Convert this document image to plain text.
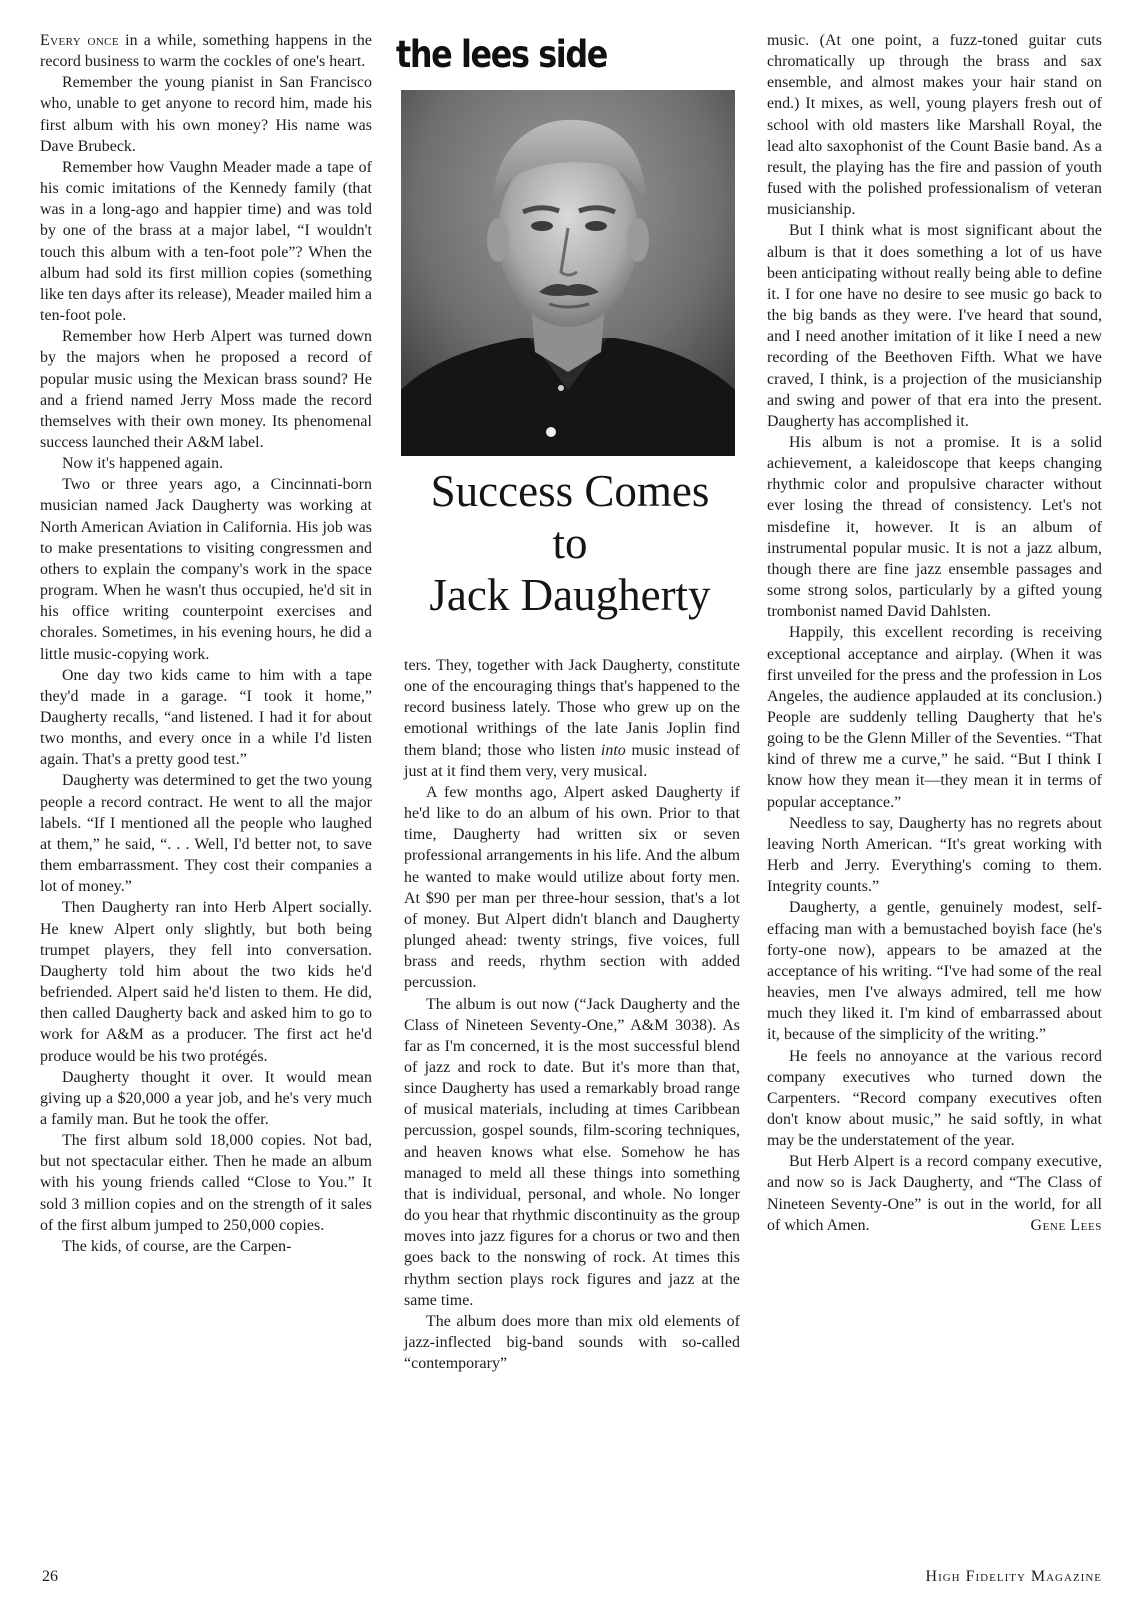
Every once in a while, something happens in the record business to warm the cockles of one's heart.

Remember the young pianist in San Francisco who, unable to get anyone to record him, made his first album with his own money? His name was Dave Brubeck.

Remember how Vaughn Meader made a tape of his comic imitations of the Kennedy family (that was in a long-ago and happier time) and was told by one of the brass at a major label, “I wouldn't touch this album with a ten-foot pole”? When the album had sold its first million copies (something like ten days after its release), Meader mailed him a ten-foot pole.

Remember how Herb Alpert was turned down by the majors when he proposed a record of popular music using the Mexican brass sound? He and a friend named Jerry Moss made the record themselves with their own money. Its phenomenal success launched their A&M label.

Now it's happened again.

Two or three years ago, a Cincinnati-born musician named Jack Daugherty was working at North American Aviation in California. His job was to make presentations to visiting congressmen and others to explain the company's work in the space program. When he wasn't thus occupied, he'd sit in his office writing counterpoint exercises and chorales. Sometimes, in his evening hours, he did a little music-copying work.

One day two kids came to him with a tape they'd made in a garage. “I took it home,” Daugherty recalls, “and listened. I had it for about two months, and every once in a while I'd listen again. That's a pretty good test.”

Daugherty was determined to get the two young people a record contract. He went to all the major labels. “If I mentioned all the people who laughed at them,” he said, “. . . Well, I'd better not, to save them embarrassment. They cost their companies a lot of money.”

Then Daugherty ran into Herb Alpert socially. He knew Alpert only slightly, but both being trumpet players, they fell into conversation. Daugherty told him about the two kids he'd befriended. Alpert said he'd listen to them. He did, then called Daugherty back and asked him to go to work for A&M as a producer. The first act he'd produce would be his two protégés.

Daugherty thought it over. It would mean giving up a $20,000 a year job, and he's very much a family man. But he took the offer.

The first album sold 18,000 copies. Not bad, but not spectacular either. Then he made an album with his young friends called “Close to You.” It sold 3 million copies and on the strength of it sales of the first album jumped to 250,000 copies.

The kids, of course, are the Carpen-

the lees side
Success Comes
to
Jack Daugherty

ters. They, together with Jack Daugherty, constitute one of the encouraging things that's happened to the record business lately. Those who grew up on the emotional writhings of the late Janis Joplin find them bland; those who listen into music instead of just at it find them very, very musical.

A few months ago, Alpert asked Daugherty if he'd like to do an album of his own. Prior to that time, Daugherty had written six or seven professional arrangements in his life. And the album he wanted to make would utilize about forty men. At $90 per man per three-hour session, that's a lot of money. But Alpert didn't blanch and Daugherty plunged ahead: twenty strings, five voices, full brass and reeds, rhythm section with added percussion.

The album is out now (“Jack Daugherty and the Class of Nineteen Seventy-One,” A&M 3038). As far as I'm concerned, it is the most successful blend of jazz and rock to date. But it's more than that, since Daugherty has used a remarkably broad range of musical materials, including at times Caribbean percussion, gospel sounds, film-scoring techniques, and heaven knows what else. Somehow he has managed to meld all these things into something that is individual, personal, and whole. No longer do you hear that rhythmic discontinuity as the group moves into jazz figures for a chorus or two and then goes back to the nonswing of rock. At times this rhythm section plays rock figures and jazz at the same time.

The album does more than mix old elements of jazz-inflected big-band sounds with so-called “contemporary”

music. (At one point, a fuzz-toned guitar cuts chromatically up through the brass and sax ensemble, and almost makes your hair stand on end.) It mixes, as well, young players fresh out of school with old masters like Marshall Royal, the lead alto saxophonist of the Count Basie band. As a result, the playing has the fire and passion of youth fused with the polished professionalism of veteran musicianship.

But I think what is most significant about the album is that it does something a lot of us have been anticipating without really being able to define it. I for one have no desire to see music go back to the big bands as they were. I've heard that sound, and I need another imitation of it like I need a new recording of the Beethoven Fifth. What we have craved, I think, is a projection of the musicianship and swing and power of that era into the present. Daugherty has accomplished it.

His album is not a promise. It is a solid achievement, a kaleidoscope that keeps changing rhythmic color and propulsive character without ever losing the thread of consistency. Let's not misdefine it, however. It is an album of instrumental popular music. It is not a jazz album, though there are fine jazz ensemble passages and some strong solos, particularly by a gifted young trombonist named David Dahlsten.

Happily, this excellent recording is receiving exceptional acceptance and airplay. (When it was first unveiled for the press and the profession in Los Angeles, the audience applauded at its conclusion.) People are suddenly telling Daugherty that he's going to be the Glenn Miller of the Seventies. “That kind of threw me a curve,” he said. “But I think I know how they mean it—they mean it in terms of popular acceptance.”

Needless to say, Daugherty has no regrets about leaving North American. “It's great working with Herb and Jerry. Everything's coming to them. Integrity counts.”

Daugherty, a gentle, genuinely modest, self-effacing man with a bemustached boyish face (he's forty-one now), appears to be amazed at the acceptance of his writing. “I've had some of the real heavies, men I've always admired, tell me how much they liked it. I'm kind of embarrassed about it, because of the simplicity of the writing.”

He feels no annoyance at the various record company executives who turned down the Carpenters. “Record company executives often don't know about music,” he said softly, in what may be the understatement of the year.

But Herb Alpert is a record company executive, and now so is Jack Daugherty, and “The Class of Nineteen Seventy-One” is out in the world, for all of which Amen.	Gene Lees

26	High Fidelity Magazine
